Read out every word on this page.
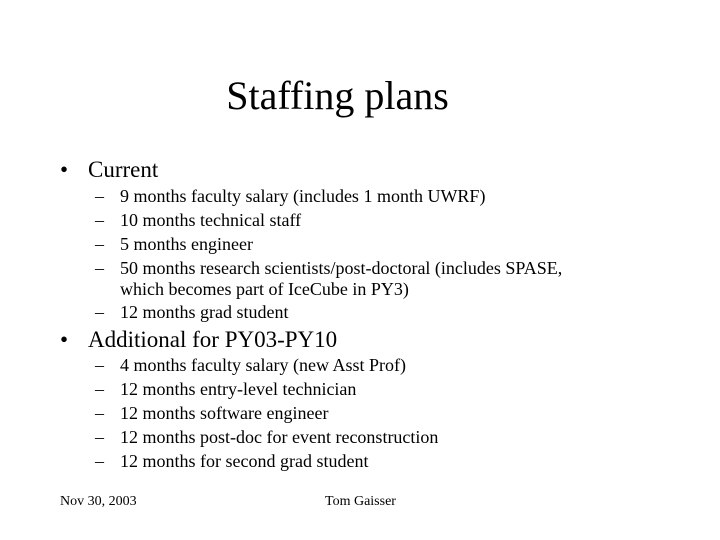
Staffing plans
• Current
– 9 months faculty salary (includes 1 month UWRF)
– 10 months technical staff
– 5 months engineer
– 50 months research scientists/post-doctoral (includes SPASE,
which becomes part of IceCube in PY3)
– 12 months grad student
• Additional for PY03-PY10
– 4 months faculty salary (new Asst Prof)
– 12 months entry-level technician
– 12 months software engineer
– 12 months post-doc for event reconstruction
– 12 months for second grad student
Nov 30, 2003	Tom Gaisser
